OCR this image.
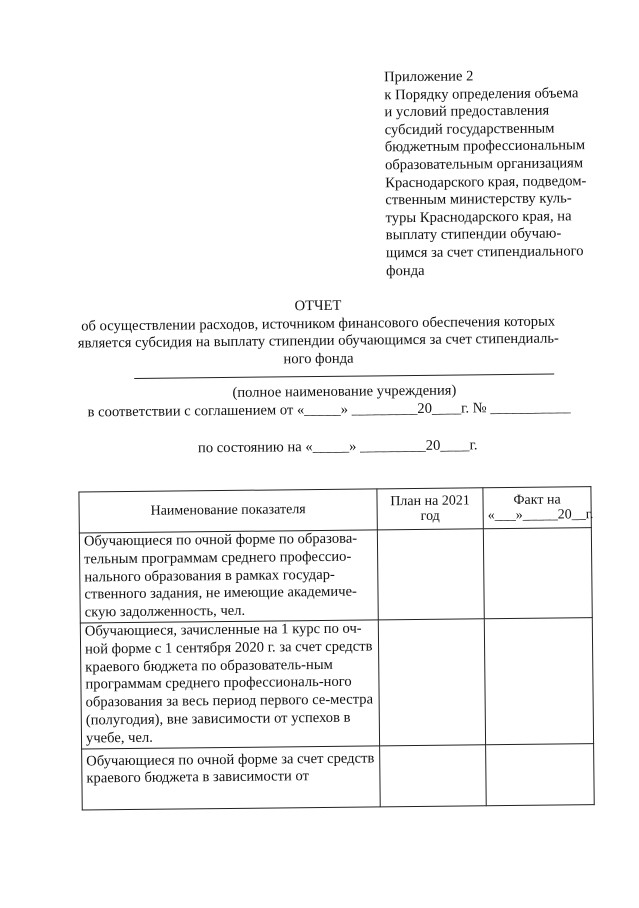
Приложение 2
к Порядку определения объема
и условий предоставления
субсидий государственным
бюджетным профессиональным
образовательным организациям
Краснодарского края, подведом-
ственным министерству куль-
туры Краснодарского края, на
выплату стипендии обучаю-
щимся за счет стипендиального
фонда
ОТЧЕТ
об осуществлении расходов, источником финансового обеспечения которых
является субсидия на выплату стипендии обучающимся за счет стипендиаль-
ного фонда
(полное наименование учреждения)
в соответствии с соглашением от «_____» _________20____г. № ___________
по состоянию на «_____» _________20____г.
Наименование показателя	План на 2021 год	Факт на «___»_____20__г.
Обучающиеся по очной форме по образова-тельным программам среднего профессио-нального образования в рамках государ-ственного задания, не имеющие академиче-скую задолженность, чел.		
Обучающиеся, зачисленные на 1 курс по оч-ной форме с 1 сентября 2020 г. за счет средств краевого бюджета по образователь-ным программам среднего профессиональ-ного образования за весь период первого се-местра (полугодия), вне зависимости от успехов в учебе, чел.		

Обучающиеся по очной форме за счет средств краевого бюджета в зависимости от		
